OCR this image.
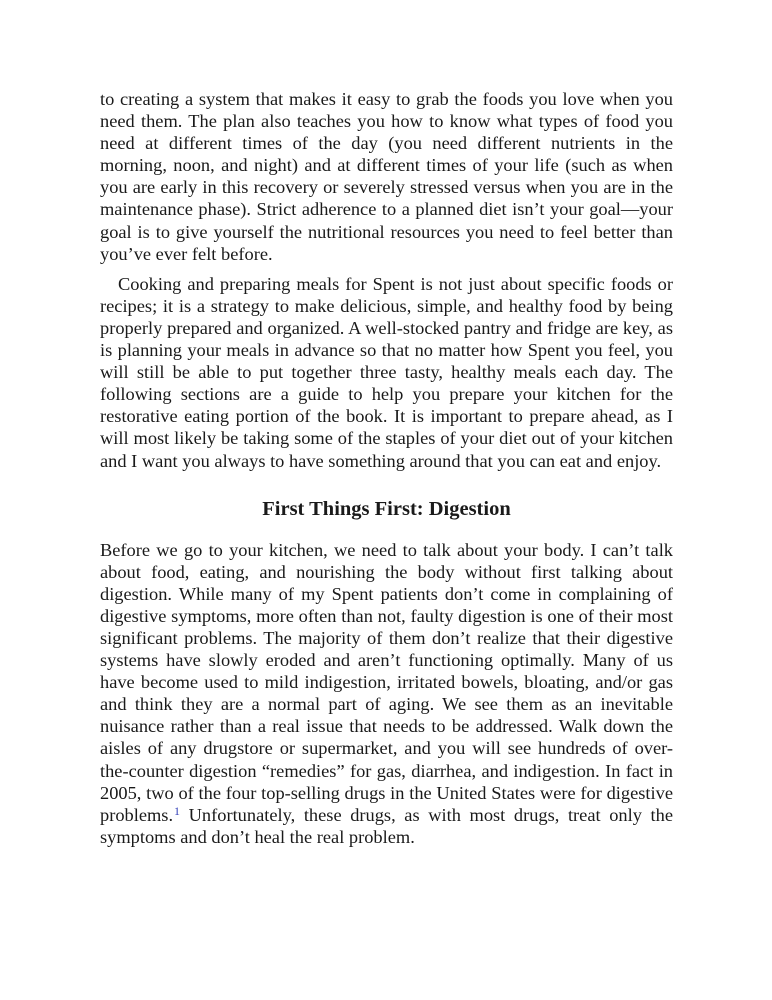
to creating a system that makes it easy to grab the foods you love when you need them. The plan also teaches you how to know what types of food you need at different times of the day (you need different nutrients in the morning, noon, and night) and at different times of your life (such as when you are early in this recovery or severely stressed versus when you are in the maintenance phase). Strict adherence to a planned diet isn’t your goal—your goal is to give yourself the nutritional resources you need to feel better than you’ve ever felt before.

Cooking and preparing meals for Spent is not just about specific foods or recipes; it is a strategy to make delicious, simple, and healthy food by being properly prepared and organized. A well-stocked pantry and fridge are key, as is planning your meals in advance so that no matter how Spent you feel, you will still be able to put together three tasty, healthy meals each day. The following sections are a guide to help you prepare your kitchen for the restorative eating portion of the book. It is important to prepare ahead, as I will most likely be taking some of the staples of your diet out of your kitchen and I want you always to have something around that you can eat and enjoy.

First Things First: Digestion

Before we go to your kitchen, we need to talk about your body. I can’t talk about food, eating, and nourishing the body without first talking about digestion. While many of my Spent patients don’t come in complaining of digestive symptoms, more often than not, faulty digestion is one of their most significant problems. The majority of them don’t realize that their digestive systems have slowly eroded and aren’t functioning optimally. Many of us have become used to mild indigestion, irritated bowels, bloating, and/or gas and think they are a normal part of aging. We see them as an inevitable nuisance rather than a real issue that needs to be addressed. Walk down the aisles of any drugstore or supermarket, and you will see hundreds of over-the-counter digestion “remedies” for gas, diarrhea, and indigestion. In fact in 2005, two of the four top-selling drugs in the United States were for digestive problems.$^1$ Unfortunately, these drugs, as with most drugs, treat only the symptoms and don’t heal the real problem.
